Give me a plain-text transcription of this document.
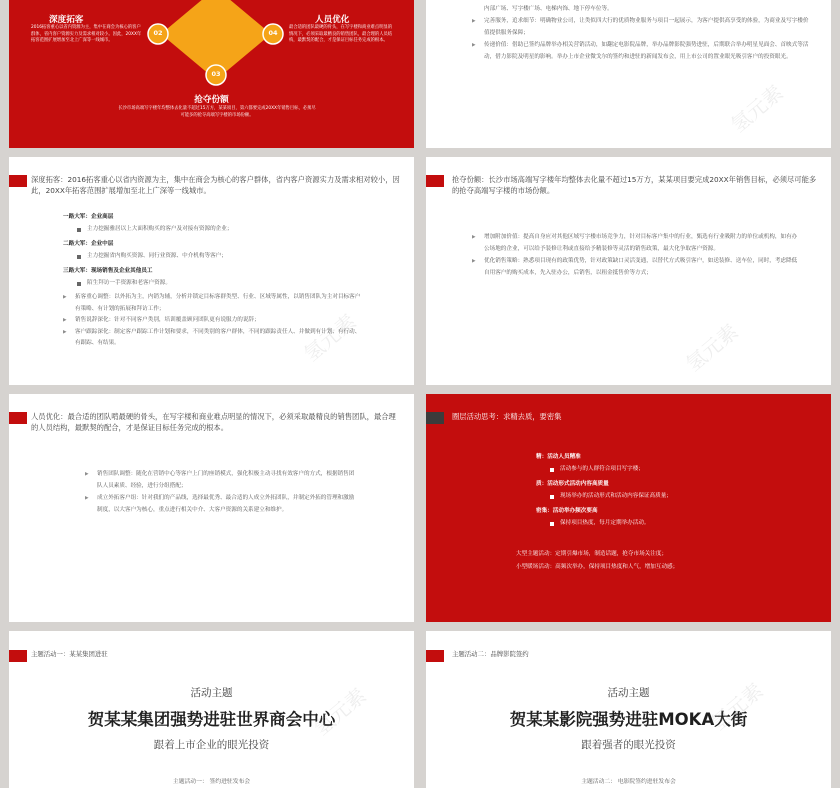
02	04
03
深度拓客
2016拓客重心以省内资源为主，集中在商会为核心的客户群体，省内客户资源实力及需求相对较小。因此，20XX年拓客范围扩展增加至北上广深等一线城市。
人员优化
最合适的团队最硬的骨头，在写字楼和商业难点明显的情况下，必须采取最精良的销售团队，最合理的人员结构，最默契的配合，才是保证目标任务完成的根本。
抢夺份额
长沙市场高端写字楼年均整体去化量不超过15万方，某某项目，第六都要完成20XX年销售目标，必须尽可能多的抢夺高端写字楼的市场份额。
内部广场、写字楼广场、电梯内饰、地下停车位等。
▶ 完善服务，追求细节：明确物业公司，让类似四大行的优质物业服务与项目一起展示，为客户提供高享受的体验，为商业及写字楼价值提供服务保障；
▶ 传递价值：借助已签约品牌举办相关营销活动，如翻定电影院品牌，举办品牌影院强势进驻，后期联合举办明星见面会、首映式等活动，借力影院及明星的影响。举办上市企业微戈尔的签约和进驻的新闻发布会，用上市公司的置业眼光吸引客户的投资眼光。
氢元素
深度拓客：2016拓客重心以省内资源为主，集中在商会为核心的客户群体，省内客户资源实力及需求相对较小，因此，20XX年拓客范围扩展增加至北上广深等一线城市。
一路大军：企业高层
主力挖掘雅居以上大面积购买的客户及对接有资源的企业；
二路大军：企业中层
主力挖掘省内购买资源、同行业资源、中介机构等客户；
三路大军：现场销售及企业其他员工
陌生拜访一手资源和老客户资源。
▶ 拓客重心调整：以外拓为主，内销为辅，分析并锁定目标客群类型、行业、区域等属性，以销售团队为主对目标客户有策略、有计划的拓展和拜访工作；
▶ 销售说辞深化：针对不同客户类别，培训覆盖顾问团队更有说服力的说辞；
▶ 客户跟踪深化：制定客户跟踪工作计划和要求，不同类别的客户群体，不同的跟踪责任人、并做到有计划、有行动、有跟踪、有结果。	氢元素
抢夺份额：长沙市场高端写字楼年均整体去化量不超过15万方，某某项目要完成20XX年销售目标，必须尽可能多的抢夺高端写字楼的市场份额。
▶ 增加附加价值：提高自身应对其他区域写字楼市场竞争力，针对目标客户集中的行业，甄选有行业吸附力的单位或机构，如有办公场地的企业，可以给予装修让利或直接给予精装修等灵活的销售政策，最大化争取客户资源。
▶ 优化销售策略：熟悉项目现有的政策优势，针对政策缺口灵活变通，以替代方式吸引客户，如送装修、送车位，同时，考虑降低自用客户的购买成本，先入驻办公，后销售，以租金抵售价等方式；
氢元素
人员优化：最合适的团队啃最硬的骨头，在写字楼和商业难点明显的情况下，必须采取最精良的销售团队，最合理的人员结构，最默契的配合，才是保证目标任务完成的根本。
▶ 销售团队调整：随化在营销中心等客户上门的座销模式，强化积极主动寻找有效客户的方式，根据销售团队人员素质、经验，进行分组搭配；
▶ 成立外拓客户组：针对我们的产品线，选择最优秀、最合适的人成立外拓团队，并制定外拓的管理和激励制度，以大客户为核心，重点进行相关中介、大客户资源的关系建立和维护。
圈层活动思考：求精去质，要密集
精：活动人员精准
活动参与的人群符合项目写字楼；
质：活动形式活动内容高质量
现场举办的活动形式和活动内容保证高质量；
密集：活动举办频次要高
保持项目热度，每月定期举办活动。
大型主题活动：定期引爆市场，制造话题，抢夺市场关注度；
小型暖场活动：高频次举办，保持项目热度和人气，增加互动感；
主题活动一：某某集团进驻
活动主题
贺某某集团强势进驻世界商会中心
跟着上市企业的眼光投资
主题活动一： 签约进驻发布会
氢元素
主题活动二：品牌影院签约
活动主题
贺某某影院强势进驻MOKA大街
跟着强者的眼光投资
主题活动二： 电影院签约进驻发布会
氢元素
